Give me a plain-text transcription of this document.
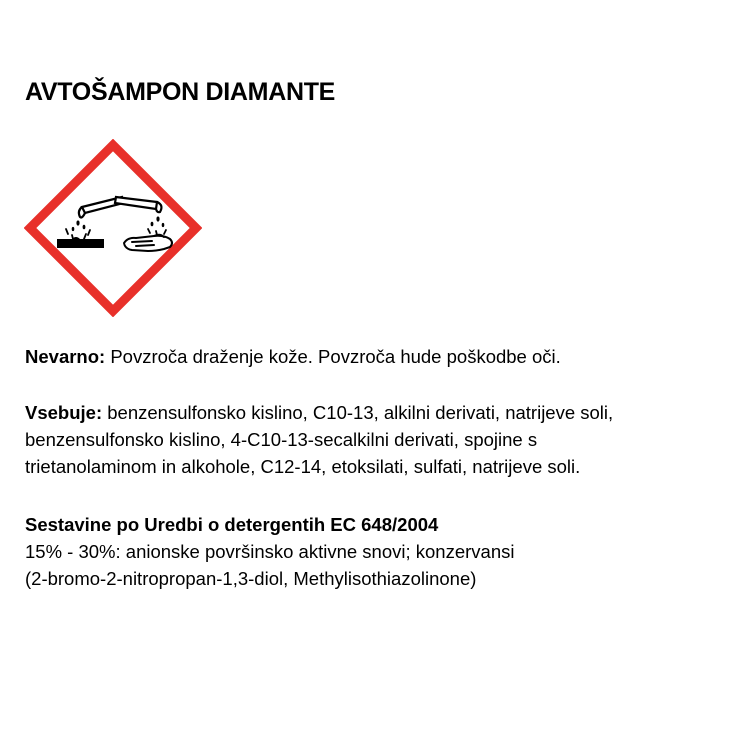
AVTOŠAMPON DIAMANTE

Nevarno: Povzroča draženje kože. Povzroča hude poškodbe oči.

Vsebuje: benzensulfonsko kislino, C10-13, alkilni derivati, natrijeve soli,
benzensulfonsko kislino, 4-C10-13-secalkilni derivati, spojine s
trietanolaminom in alkohole, C12-14, etoksilati, sulfati, natrijeve soli.

Sestavine po Uredbi o detergentih EC 648/2004
15% - 30%: anionske površinsko aktivne snovi; konzervansi
(2-bromo-2-nitropropan-1,3-diol, Methylisothiazolinone)
